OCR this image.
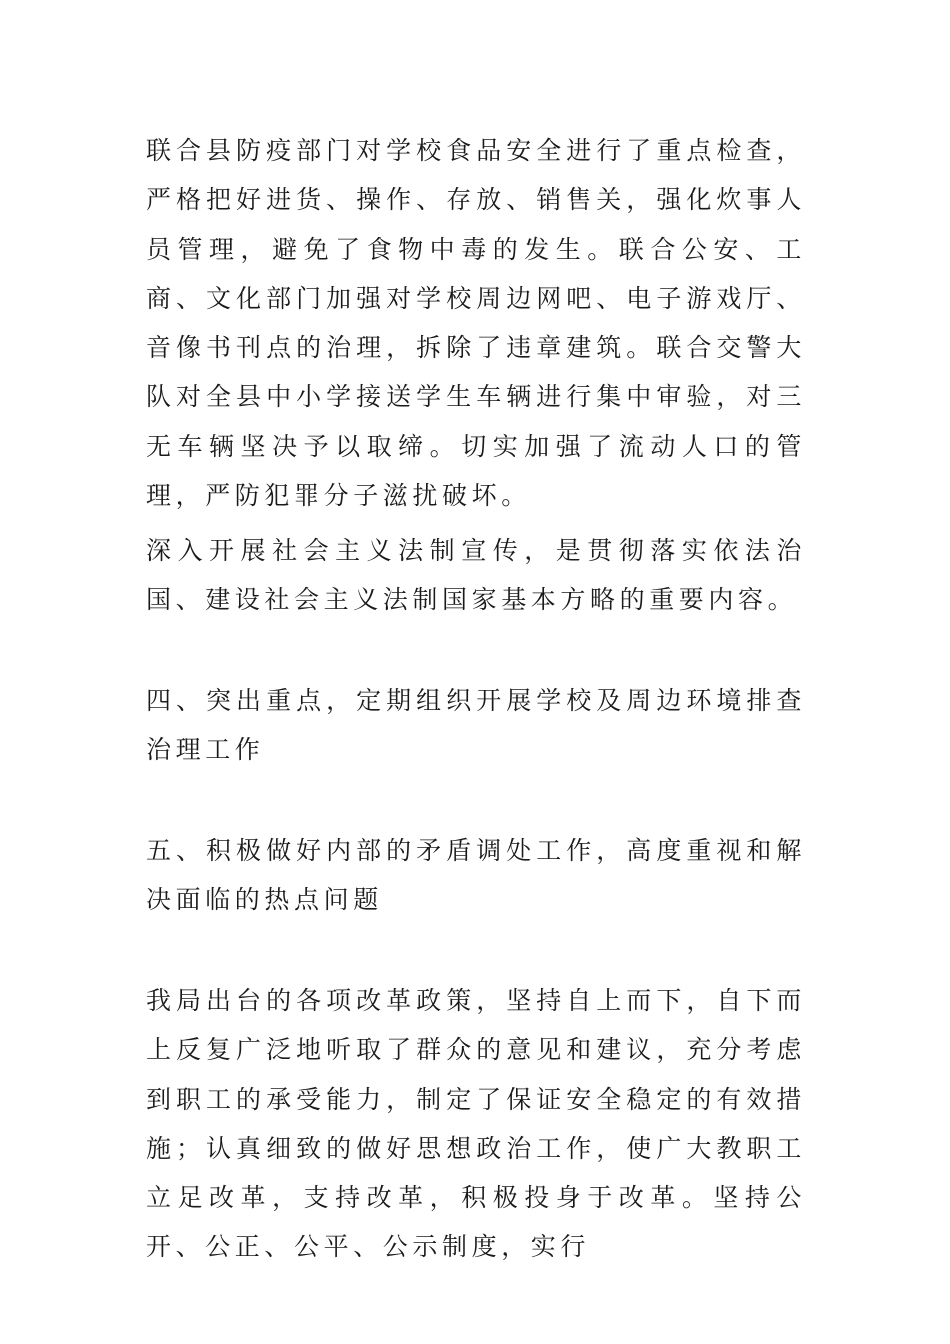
联合县防疫部门对学校食品安全进行了重点检查，严格把好进货、操作、存放、销售关，强化炊事人员管理，避免了食物中毒的发生。联合公安、工商、文化部门加强对学校周边网吧、电子游戏厅、音像书刊点的治理，拆除了违章建筑。联合交警大队对全县中小学接送学生车辆进行集中审验，对三无车辆坚决予以取缔。切实加强了流动人口的管理，严防犯罪分子滋扰破坏。

深入开展社会主义法制宣传，是贯彻落实依法治国、建设社会主义法制国家基本方略的重要内容。

四、突出重点，定期组织开展学校及周边环境排查治理工作

五、积极做好内部的矛盾调处工作，高度重视和解决面临的热点问题

我局出台的各项改革政策，坚持自上而下，自下而上反复广泛地听取了群众的意见和建议，充分考虑到职工的承受能力，制定了保证安全稳定的有效措施；认真细致的做好思想政治工作，使广大教职工立足改革，支持改革，积极投身于改革。坚持公开、公正、公平、公示制度，实行
